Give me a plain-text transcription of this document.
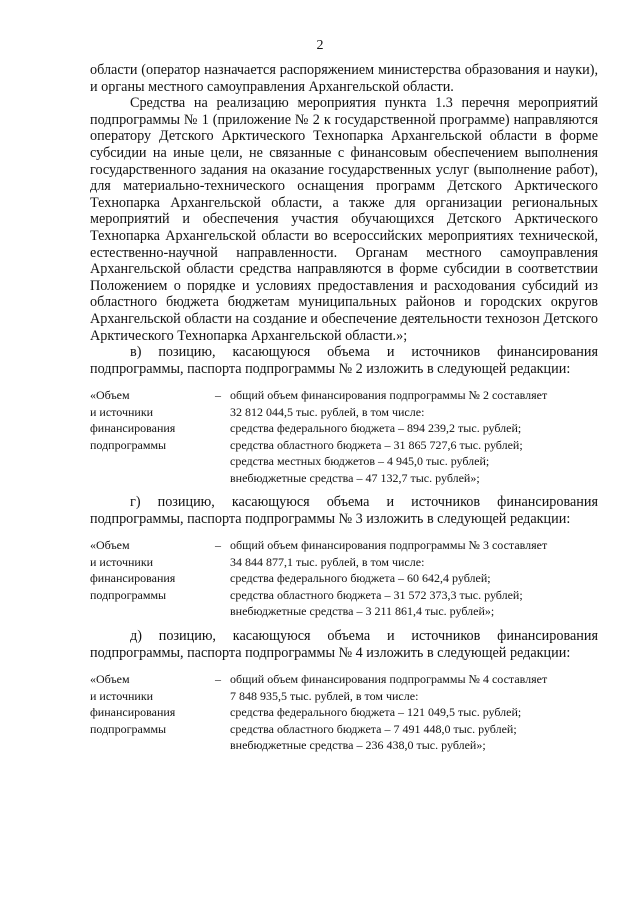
2

области (оператор назначается распоряжением министерства образования и науки), и органы местного самоуправления Архангельской области.

Средства на реализацию мероприятия пункта 1.3 перечня мероприятий подпрограммы № 1 (приложение № 2 к государственной программе) направляются оператору Детского Арктического Технопарка Архангельской области в форме субсидии на иные цели, не связанные с финансовым обеспечением выполнения государственного задания на оказание государственных услуг (выполнение работ), для материально-технического оснащения программ Детского Арктического Технопарка Архангельской области, а также для организации региональных мероприятий и обеспечения участия обучающихся Детского Арктического Технопарка Архангельской области во всероссийских мероприятиях технической, естественно-научной направленности. Органам местного самоуправления Архангельской области средства направляются в форме субсидии в соответствии Положением о порядке и условиях предоставления и расходования субсидий из областного бюджета бюджетам муниципальных районов и городских округов Архангельской области на создание и обеспечение деятельности технозон Детского Арктического Технопарка Архангельской области.»;

в) позицию, касающуюся объема и источников финансирования подпрограммы, паспорта подпрограммы № 2 изложить в следующей редакции:

«Объем
и источники
финансирования
подпрограммы
– общий объем финансирования подпрограммы № 2 составляет
32 812 044,5 тыс. рублей, в том числе:
средства федерального бюджета – 894 239,2 тыс. рублей;
средства областного бюджета – 31 865 727,6 тыс. рублей;
средства местных бюджетов – 4 945,0 тыс. рублей;
внебюджетные средства – 47 132,7 тыс. рублей»;

г) позицию, касающуюся объема и источников финансирования подпрограммы, паспорта подпрограммы № 3 изложить в следующей редакции:

«Объем
и источники
финансирования
подпрограммы
– общий объем финансирования подпрограммы № 3 составляет
34 844 877,1 тыс. рублей, в том числе:
средства федерального бюджета – 60 642,4 рублей;
средства областного бюджета – 31 572 373,3 тыс. рублей;
внебюджетные средства – 3 211 861,4 тыс. рублей»;

д) позицию, касающуюся объема и источников финансирования подпрограммы, паспорта подпрограммы № 4 изложить в следующей редакции:

«Объем
и источники
финансирования
подпрограммы
– общий объем финансирования подпрограммы № 4 составляет
7 848 935,5 тыс. рублей, в том числе:
средства федерального бюджета – 121 049,5 тыс. рублей;
средства областного бюджета – 7 491 448,0 тыс. рублей;
внебюджетные средства – 236 438,0 тыс. рублей»;
